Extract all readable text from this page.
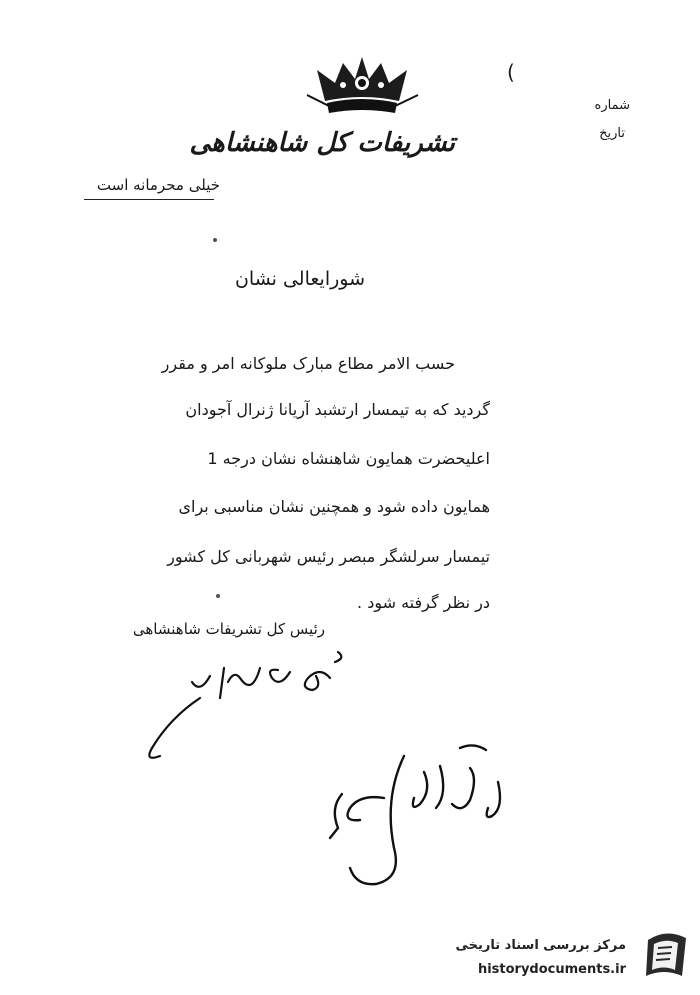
(
شماره
تاریخ
تشریفات کل شاهنشاهی
خیلی محرمانه است
شورایعالی نشان
حسب الامر مطاع مبارک ملوکانه امر و مقرر
گردید که به تیمسار ارتشبد آریانا ژنرال آجودان
اعلیحضرت همایون شاهنشاه نشان درجه 1
همایون داده شود و همچنین نشان مناسبی برای
تیمسار سرلشگر مبصر رئیس شهربانی کل کشور
در نظر گرفته شود .
رئیس کل تشریفات شاهنشاهی
مرکز بررسی اسناد تاریخی
historydocuments.ir
